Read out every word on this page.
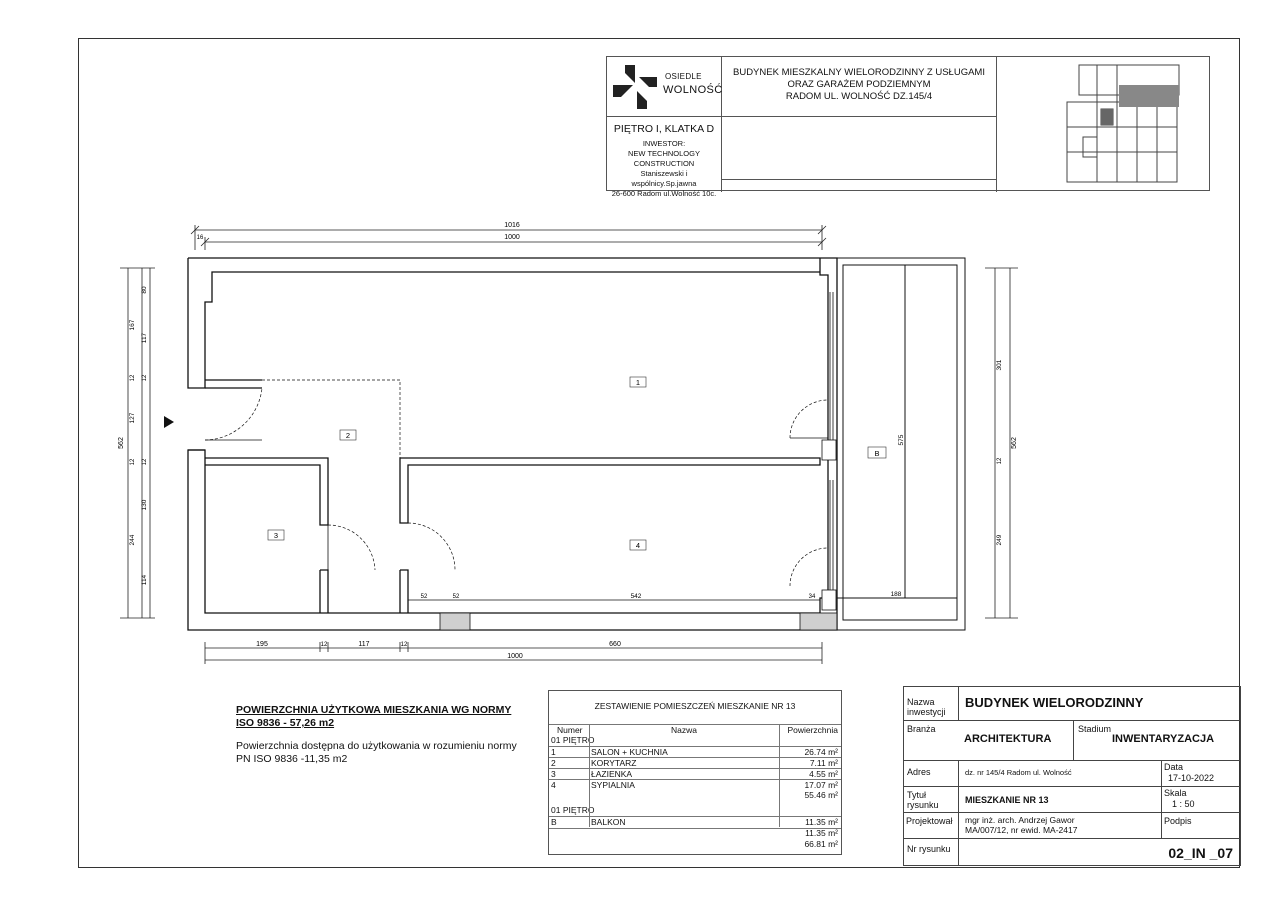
OSIEDLE
WOLNOŚĆ
BUDYNEK MIESZKALNY WIELORODZINNY Z USŁUGAMI
ORAZ GARAŻEM PODZIEMNYM
RADOM UL. WOLNOŚĆ DZ.145/4
PIĘTRO I, KLATKA D
INWESTOR:
NEW TECHNOLOGY CONSTRUCTION
Staniszewski i wspólnicy.Sp.jawna
26-600 Radom ul.Wolność 10c.
1016
1000
16
562
80
167
117
12 12
127
12 12
130
244
114
562
301
12
249
195	12	117	12	660
1000
575
188
52	52	542	34
1
2
3
4
B
POWIERZCHNIA UŻYTKOWA MIESZKANIA WG NORMY
ISO 9836 - 57,26 m2
Powierzchnia dostępna do użytkowania w rozumieniu normy
PN ISO 9836 -11,35 m2
ZESTAWIENIE POMIESZCZEŃ MIESZKANIE NR 13
Numer	Nazwa	Powierzchnia
01 PIĘTRO
1	SALON + KUCHNIA	26.74 m²
2	KORYTARZ	7.11 m²
3	ŁAZIENKA	4.55 m²
4	SYPIALNIA	17.07 m²
55.46 m²
01 PIĘTRO
B	BALKON	11.35 m²
11.35 m²
66.81 m²
Nazwa inwestycji
BUDYNEK WIELORODZINNY
Branża
ARCHITEKTURA
Stadium
INWENTARYZACJA
Adres	dz. nr 145/4 Radom ul. Wolność
Data
17-10-2022
Tytuł rysunku	MIESZKANIE NR 13
Skala
1 : 50
Projektował mgr inż. arch. Andrzej Gawor
MA/007/12, nr ewid. MA-2417
Podpis
Nr rysunku	02_IN _07
